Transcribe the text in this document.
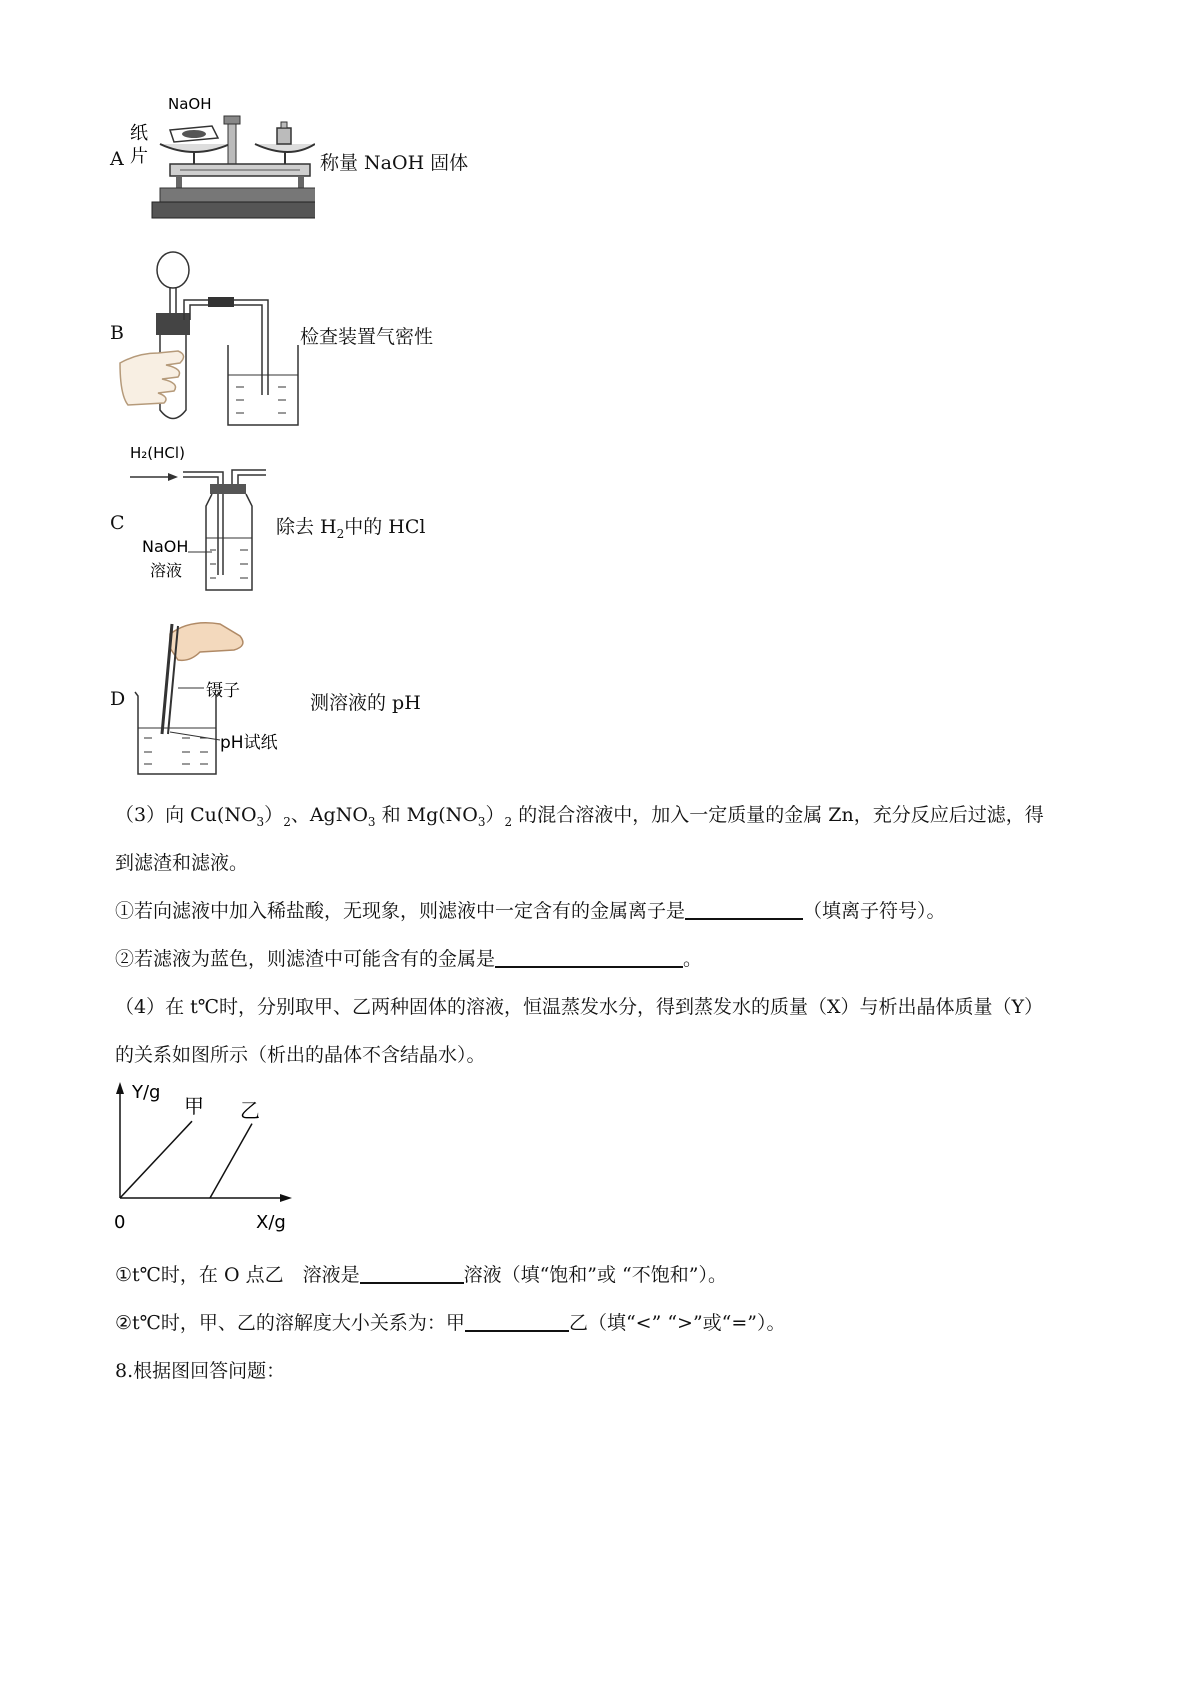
A
NaOH
纸
片	称量 NaOH 固体
B	检查装置气密性
C
H₂(HCl)
NaOH
溶液
除去 $H_2$中的 HCl
D	镊子
pH试纸
测溶液的 pH
（3）向 $Cu(NO_3)_2$、AgNO$_3$ 和 $Mg(NO_3)_2$ 的混合溶液中，加入一定质量的金属 Zn，充分反应后过滤，得
到滤渣和滤液。
①若向滤液中加入稀盐酸，无现象，则滤液中一定含有的金属离子是	（填离子符号）。
②若滤液为蓝色，则滤渣中可能含有的金属是	。
（4）在 t℃时，分别取甲、乙两种固体的溶液，恒温蒸发水分，得到蒸发水的质量（X）与析出晶体质量（Y）
的关系如图所示（析出的晶体不含结晶水）。
Y/g
X/g
0
甲 乙
①t℃时，在 O 点乙　溶液是	溶液（填“饱和”或 “不饱和”）。
②t℃时，甲、乙的溶解度大小关系为：甲	乙（填“<” “>”或“=”）。
8.根据图回答问题：
